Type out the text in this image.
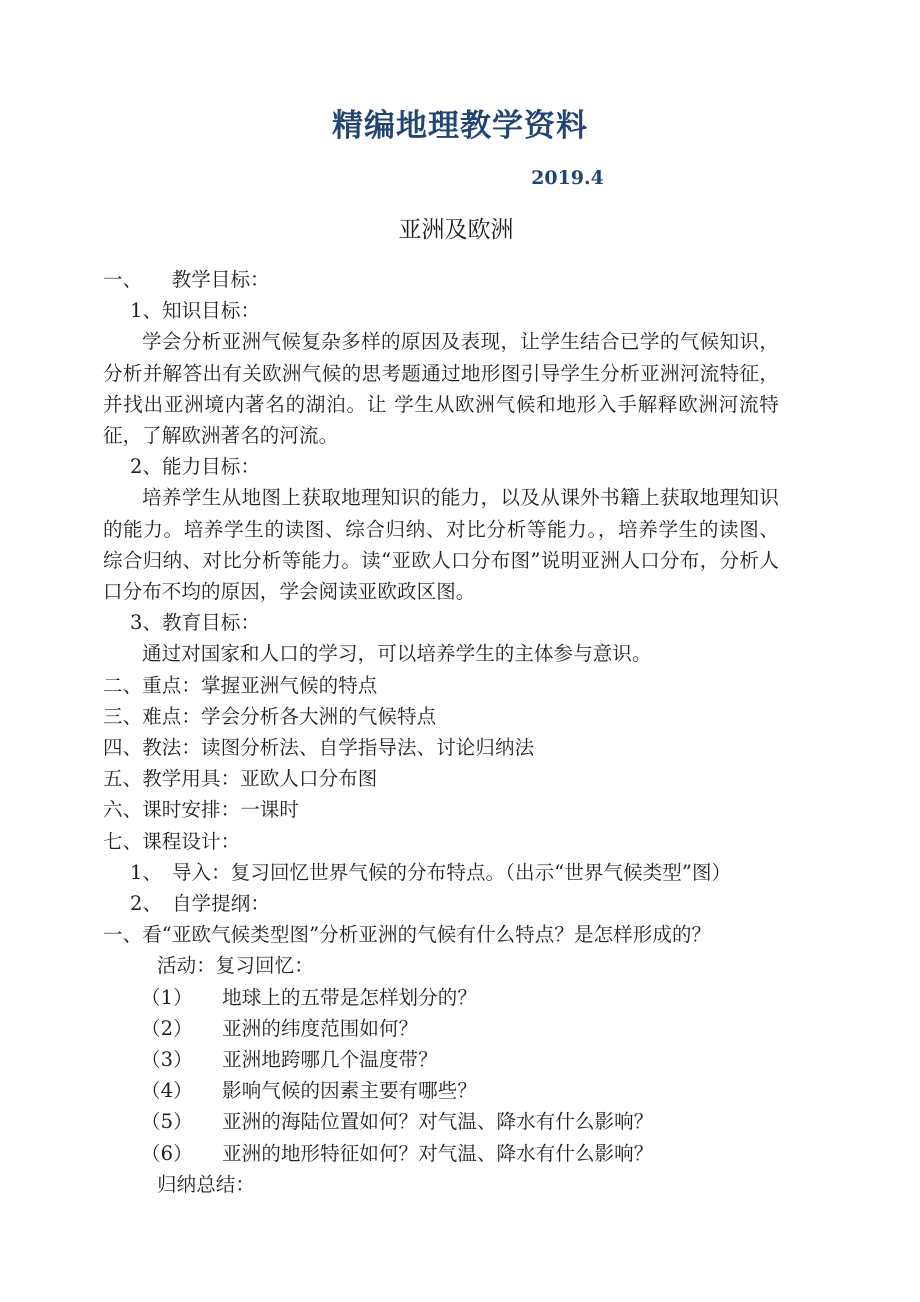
精编地理教学资料
2019.4
亚洲及欧洲
一、　　教学目标：
1、知识目标：
学会分析亚洲气候复杂多样的原因及表现，让学生结合已学的气候知识，分析并解答出有关欧洲气候的思考题通过地形图引导学生分析亚洲河流特征，并找出亚洲境内著名的湖泊。让 学生从欧洲气候和地形入手解释欧洲河流特征，了解欧洲著名的河流。
2、能力目标：
培养学生从地图上获取地理知识的能力，以及从课外书籍上获取地理知识的能力。培养学生的读图、综合归纳、对比分析等能力。，培养学生的读图、综合归纳、对比分析等能力。读“亚欧人口分布图”说明亚洲人口分布，分析人口分布不均的原因，学会阅读亚欧政区图。
3、教育目标：
通过对国家和人口的学习，可以培养学生的主体参与意识。
二、重点：掌握亚洲气候的特点
三、难点：学会分析各大洲的气候特点
四、教法：读图分析法、自学指导法、讨论归纳法
五、教学用具：亚欧人口分布图
六、课时安排：一课时
七、课程设计：
1、　导入：复习回忆世界气候的分布特点。（出示“世界气候类型”图）
2、　自学提纲：
一、看“亚欧气候类型图”分析亚洲的气候有什么特点？是怎样形成的？
活动：复习回忆：
（1）　　地球上的五带是怎样划分的？
（2）　　亚洲的纬度范围如何？
（3）　　亚洲地跨哪几个温度带？
（4）　　影响气候的因素主要有哪些？
（5）　　亚洲的海陆位置如何？对气温、降水有什么影响？
（6）　　亚洲的地形特征如何？对气温、降水有什么影响？
归纳总结：
